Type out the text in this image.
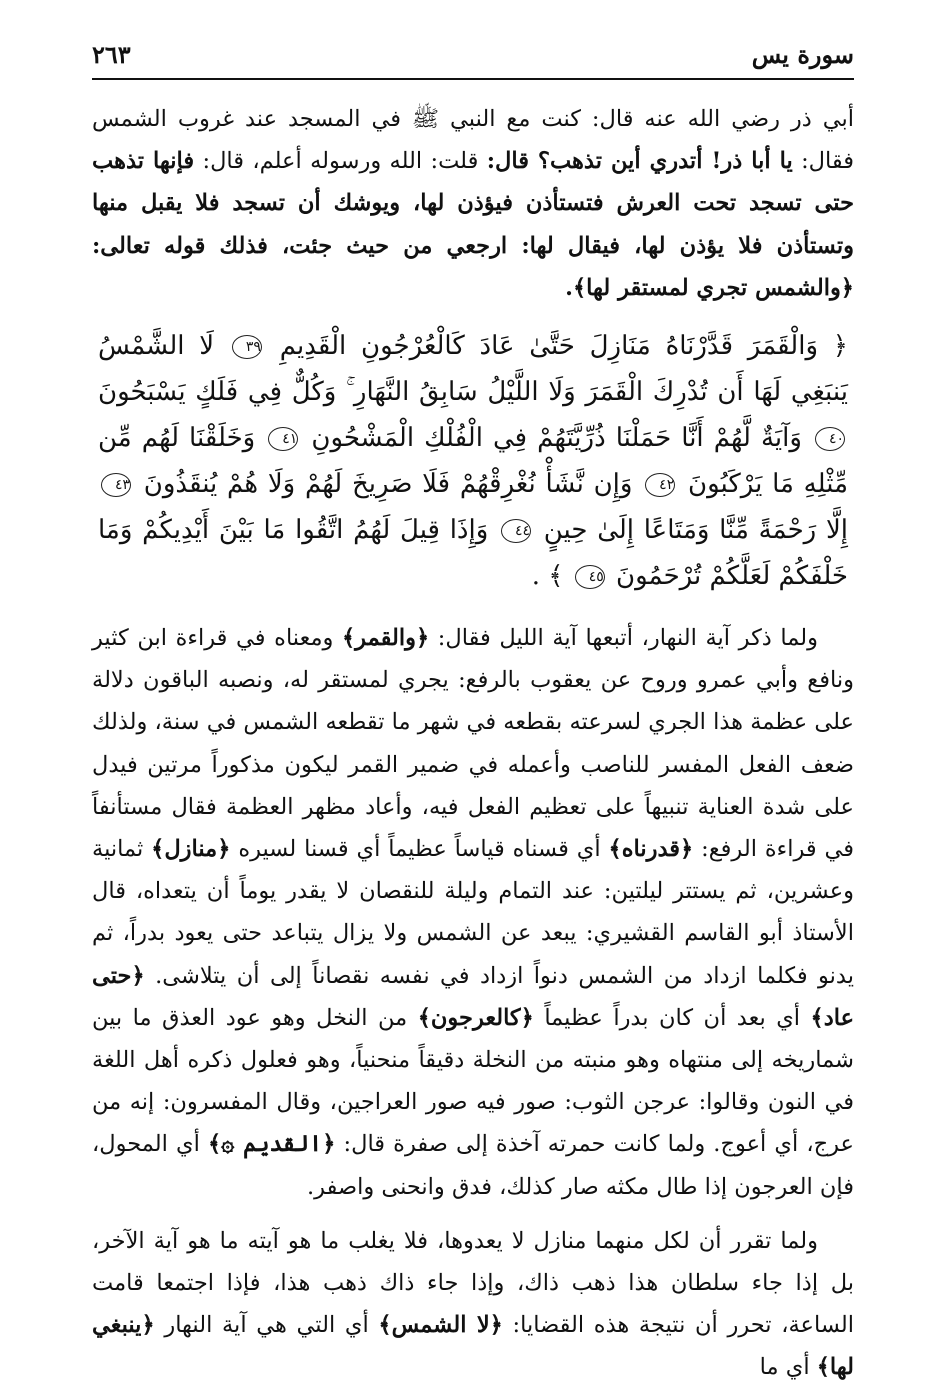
سورة يس
٢٦٣

أبي ذر رضي الله عنه قال: كنت مع النبي ﷺ في المسجد عند غروب الشمس فقال: يا أبا ذر! أتدري أين تذهب؟ قال: قلت: الله ورسوله أعلم، قال: فإنها تذهب حتى تسجد تحت العرش فتستأذن فيؤذن لها، ويوشك أن تسجد فلا يقبل منها وتستأذن فلا يؤذن لها، فيقال لها: ارجعي من حيث جئت، فذلك قوله تعالى: ﴿والشمس تجري لمستقر لها﴾.

﴿ وَالْقَمَرَ قَدَّرْنَاهُ مَنَازِلَ حَتَّىٰ عَادَ كَالْعُرْجُونِ الْقَدِيمِ ٣٩ لَا الشَّمْسُ يَنبَغِي لَهَا أَن تُدْرِكَ الْقَمَرَ وَلَا اللَّيْلُ سَابِقُ النَّهَارِ ۚ وَكُلٌّ فِي فَلَكٍ يَسْبَحُونَ ٤٠ وَآيَةٌ لَّهُمْ أَنَّا حَمَلْنَا ذُرِّيَّتَهُمْ فِي الْفُلْكِ الْمَشْحُونِ ٤١ وَخَلَقْنَا لَهُم مِّن مِّثْلِهِ مَا يَرْكَبُونَ ٤٢ وَإِن نَّشَأْ نُغْرِقْهُمْ فَلَا صَرِيخَ لَهُمْ وَلَا هُمْ يُنقَذُونَ ٤٣ إِلَّا رَحْمَةً مِّنَّا وَمَتَاعًا إِلَىٰ حِينٍ ٤٤ وَإِذَا قِيلَ لَهُمُ اتَّقُوا مَا بَيْنَ أَيْدِيكُمْ وَمَا خَلْفَكُمْ لَعَلَّكُمْ تُرْحَمُونَ ٤٥ ﴾ .

ولما ذكر آية النهار، أتبعها آية الليل فقال: ﴿والقمر﴾ ومعناه في قراءة ابن كثير ونافع وأبي عمرو وروح عن يعقوب بالرفع: يجري لمستقر له، ونصبه الباقون دلالة على عظمة هذا الجري لسرعته بقطعه في شهر ما تقطعه الشمس في سنة، ولذلك ضعف الفعل المفسر للناصب وأعمله في ضمير القمر ليكون مذكوراً مرتين فيدل على شدة العناية تنبيهاً على تعظيم الفعل فيه، وأعاد مظهر العظمة فقال مستأنفاً في قراءة الرفع: ﴿قدرناه﴾ أي قسناه قياساً عظيماً أي قسنا لسيره ﴿منازل﴾ ثمانية وعشرين، ثم يستتر ليلتين: عند التمام وليلة للنقصان لا يقدر يوماً أن يتعداه، قال الأستاذ أبو القاسم القشيري: يبعد عن الشمس ولا يزال يتباعد حتى يعود بدراً، ثم يدنو فكلما ازداد من الشمس دنواً ازداد في نفسه نقصاناً إلى أن يتلاشى. ﴿حتى عاد﴾ أي بعد أن كان بدراً عظيماً ﴿كالعرجون﴾ من النخل وهو عود العذق ما بين شماريخه إلى منتهاه وهو منبته من النخلة دقيقاً منحنياً، وهو فعلول ذكره أهل اللغة في النون وقالوا: عرجن الثوب: صور فيه صور العراجين، وقال المفسرون: إنه من عرج، أي أعوج. ولما كانت حمرته آخذة إلى صفرة قال: ﴿القديم ۞﴾ أي المحول، فإن العرجون إذا طال مكثه صار كذلك، فدق وانحنى واصفر.

ولما تقرر أن لكل منهما منازل لا يعدوها، فلا يغلب ما هو آيته ما هو آية الآخر، بل إذا جاء سلطان هذا ذهب ذاك، وإذا جاء ذاك ذهب هذا، فإذا اجتمعا قامت الساعة، تحرر أن نتيجة هذه القضايا: ﴿لا الشمس﴾ أي التي هي آية النهار ﴿ينبغي لها﴾ أي ما
